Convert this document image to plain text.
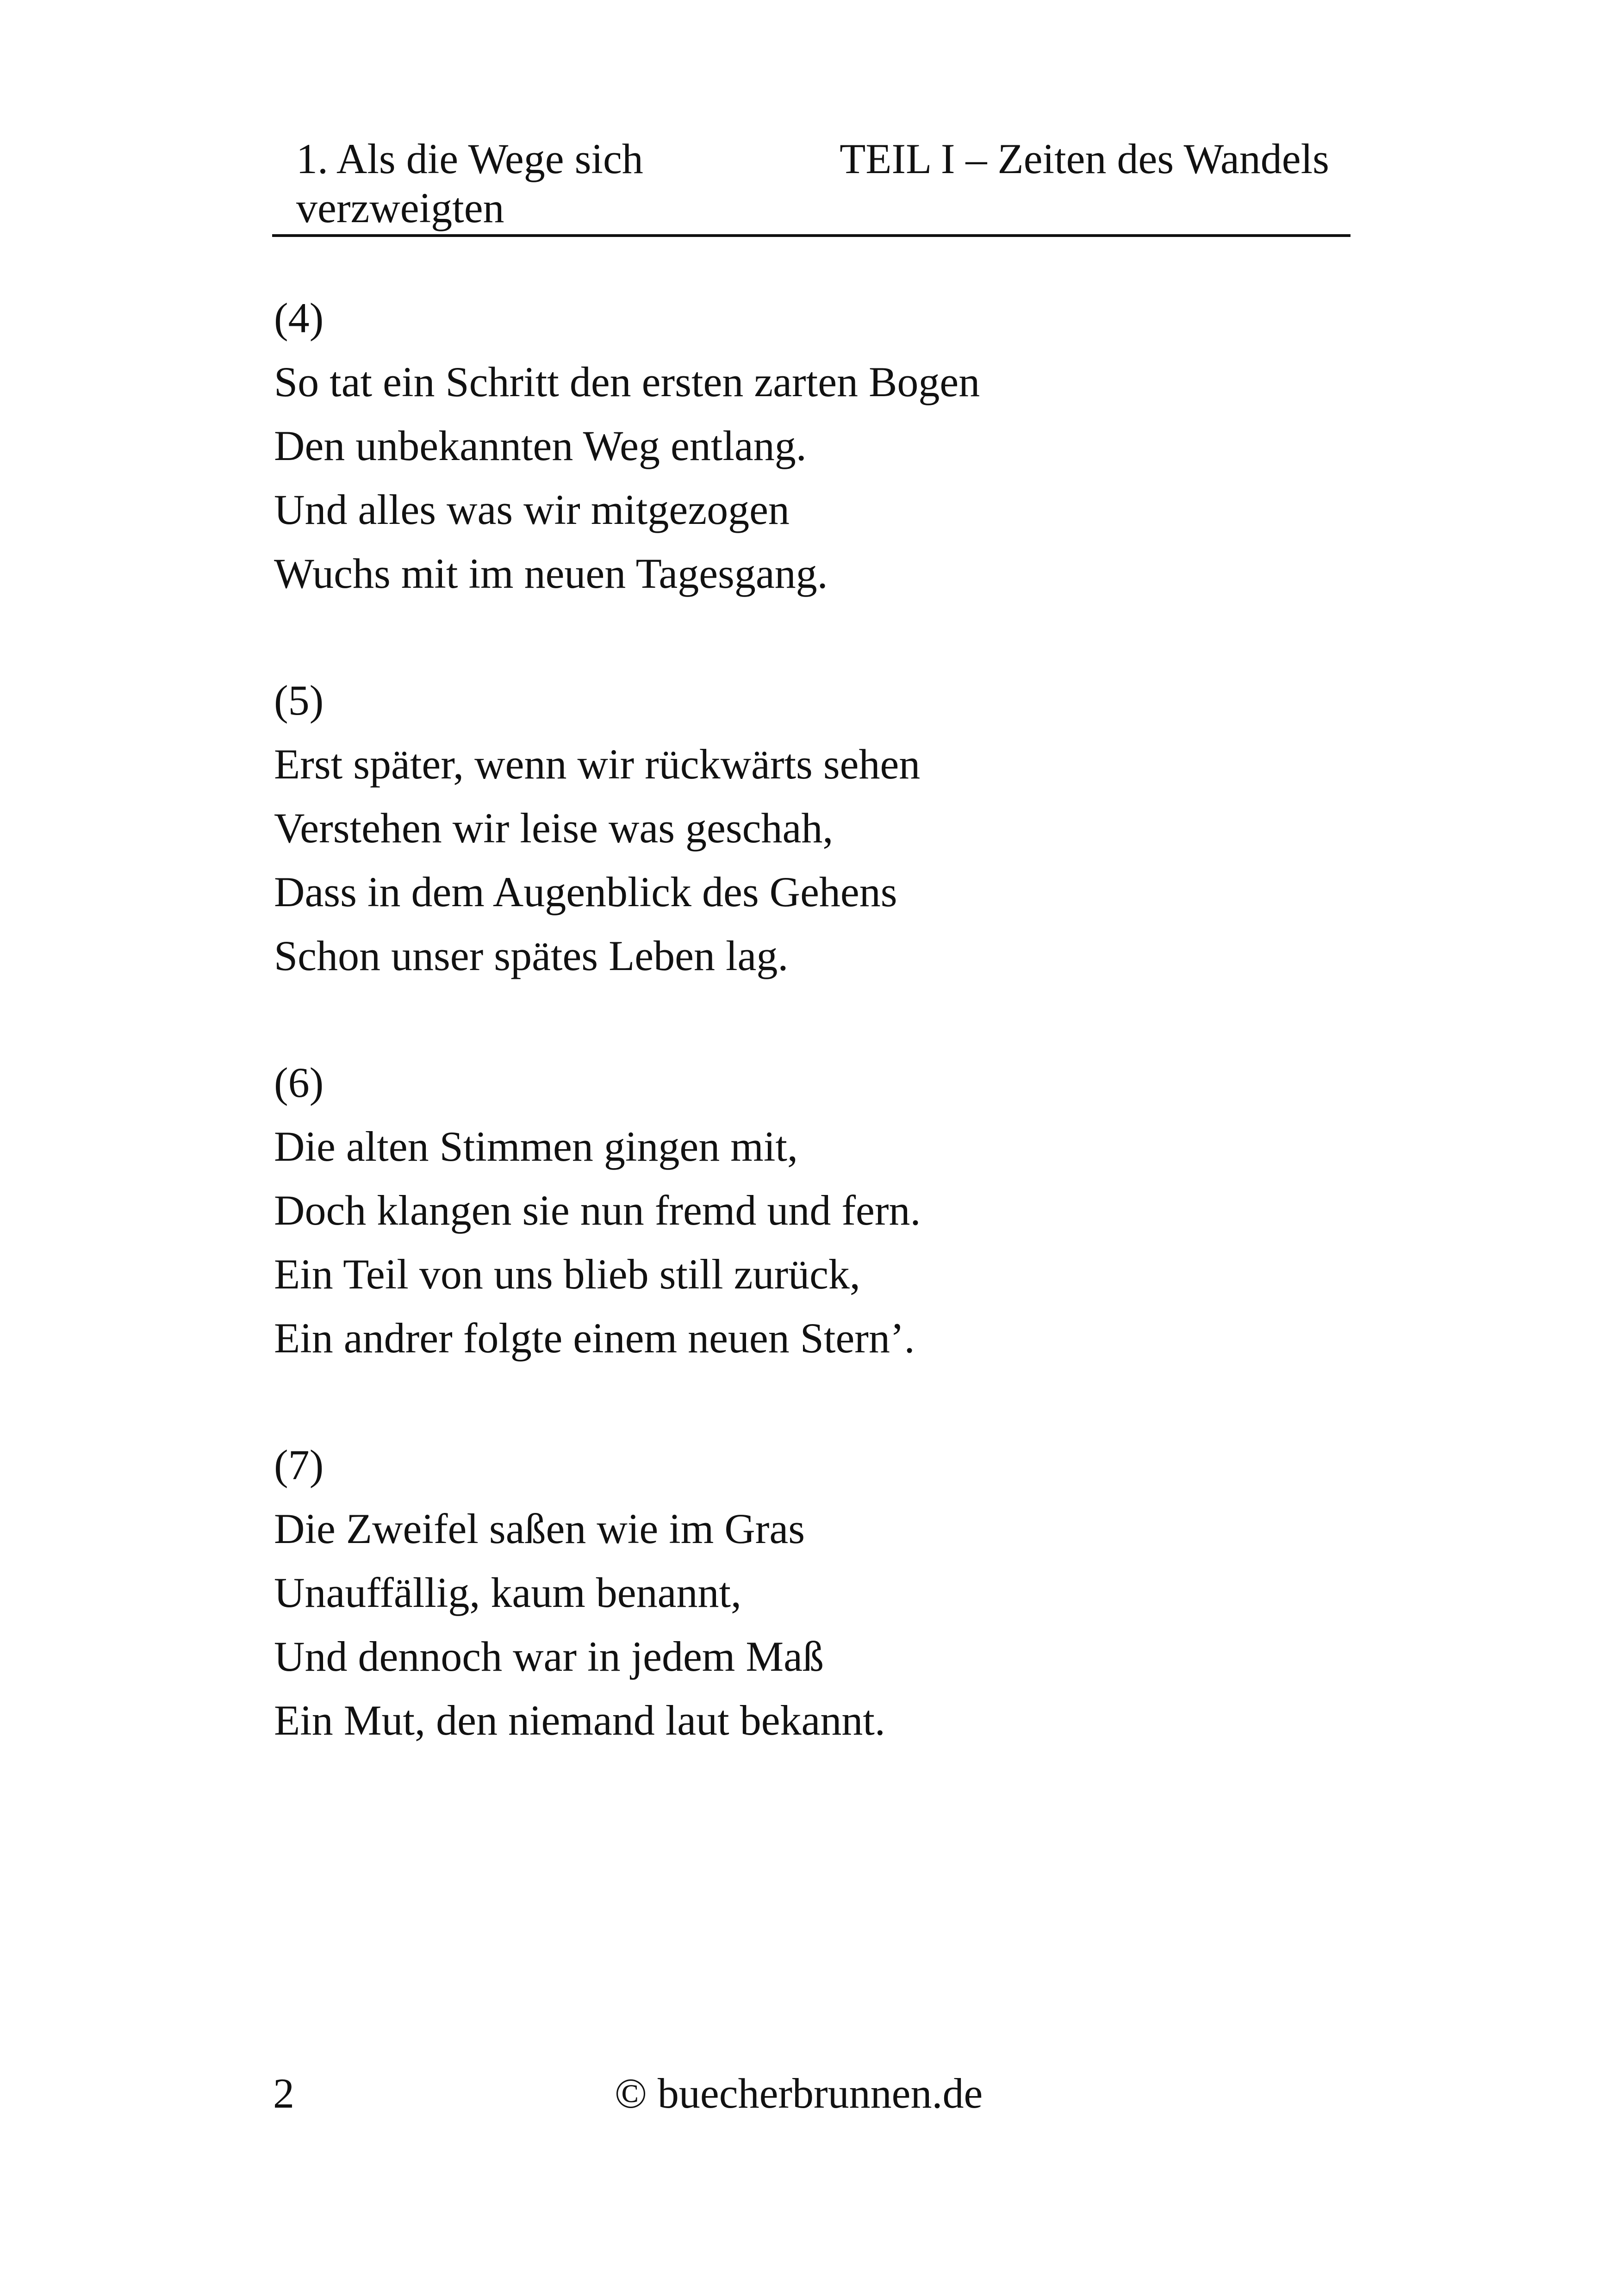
1. Als die Wege sich
verzweigten
TEIL I – Zeiten des Wandels
(4)
So tat ein Schritt den ersten zarten Bogen
Den unbekannten Weg entlang.
Und alles was wir mitgezogen
Wuchs mit im neuen Tagesgang.
(5)
Erst später, wenn wir rückwärts sehen
Verstehen wir leise was geschah,
Dass in dem Augenblick des Gehens
Schon unser spätes Leben lag.
(6)
Die alten Stimmen gingen mit,
Doch klangen sie nun fremd und fern.
Ein Teil von uns blieb still zurück,
Ein andrer folgte einem neuen Stern’.
(7)
Die Zweifel saßen wie im Gras
Unauffällig, kaum benannt,
Und dennoch war in jedem Maß
Ein Mut, den niemand laut bekannt.
2	© buecherbrunnen.de
